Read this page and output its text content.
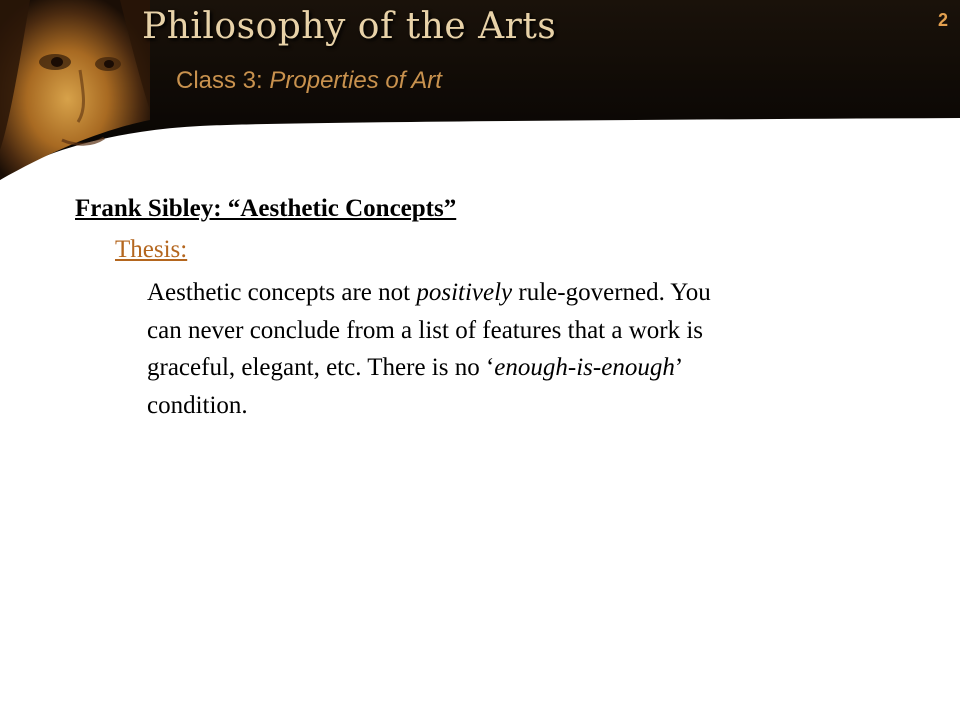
Philosophy of the Arts
Class 3: Properties of Art
2
Frank Sibley: “Aesthetic Concepts”
Thesis:
Aesthetic concepts are not positively rule-governed. You
can never conclude from a list of features that a work is
graceful, elegant, etc. There is no ‘enough-is-enough’
condition.
